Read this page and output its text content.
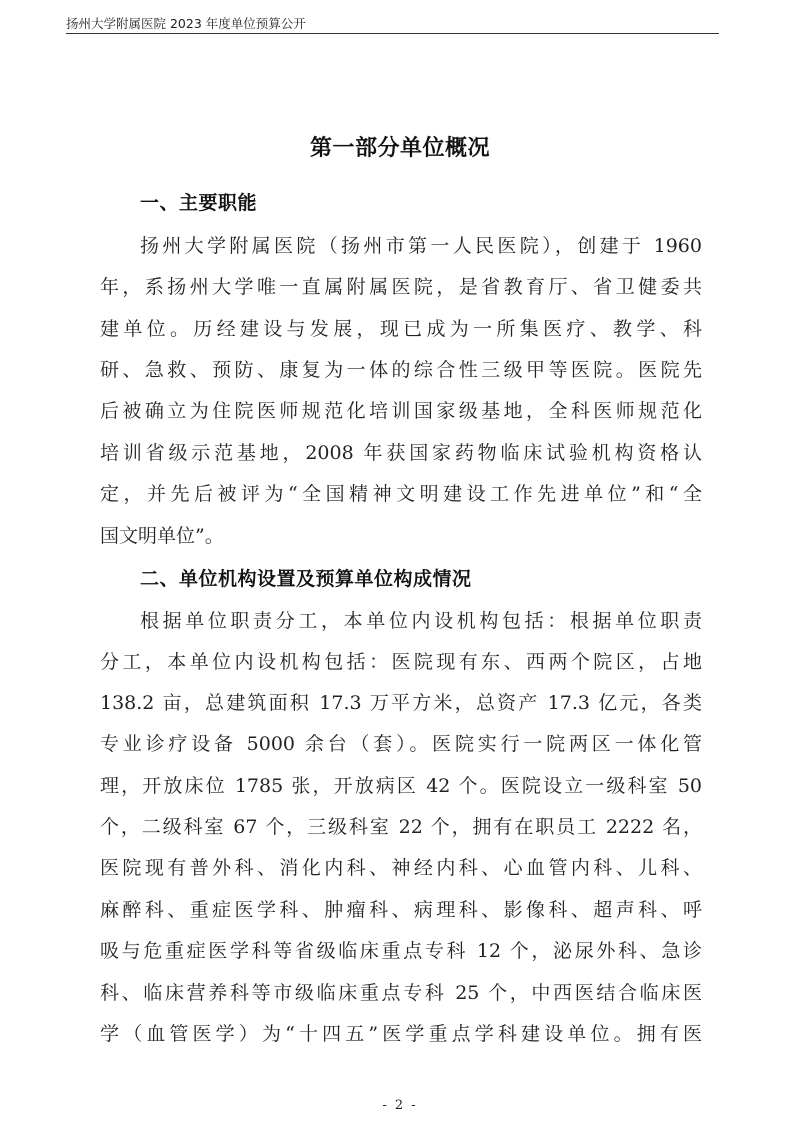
扬州大学附属医院 2023 年度单位预算公开
第一部分单位概况
一、主要职能
扬州大学附属医院（扬州市第一人民医院），创建于 1960
年，系扬州大学唯一直属附属医院，是省教育厅、省卫健委共
建单位。历经建设与发展，现已成为一所集医疗、教学、科
研、急救、预防、康复为一体的综合性三级甲等医院。医院先
后被确立为住院医师规范化培训国家级基地，全科医师规范化
培训省级示范基地，2008 年获国家药物临床试验机构资格认
定，并先后被评为“全国精神文明建设工作先进单位”和“全
国文明单位”。
二、单位机构设置及预算单位构成情况
根据单位职责分工，本单位内设机构包括：根据单位职责
分工，本单位内设机构包括：医院现有东、西两个院区，占地
138.2 亩，总建筑面积 17.3 万平方米，总资产 17.3 亿元，各类
专业诊疗设备 5000 余台（套）。医院实行一院两区一体化管
理，开放床位 1785 张，开放病区 42 个。医院设立一级科室 50
个，二级科室 67 个，三级科室 22 个，拥有在职员工 2222 名，
医院现有普外科、消化内科、神经内科、心血管内科、儿科、
麻醉科、重症医学科、肿瘤科、病理科、影像科、超声科、呼
吸与危重症医学科等省级临床重点专科 12 个，泌尿外科、急诊
科、临床营养科等市级临床重点专科 25 个，中西医结合临床医
学（血管医学）为“十四五”医学重点学科建设单位。拥有医
- 2 -
